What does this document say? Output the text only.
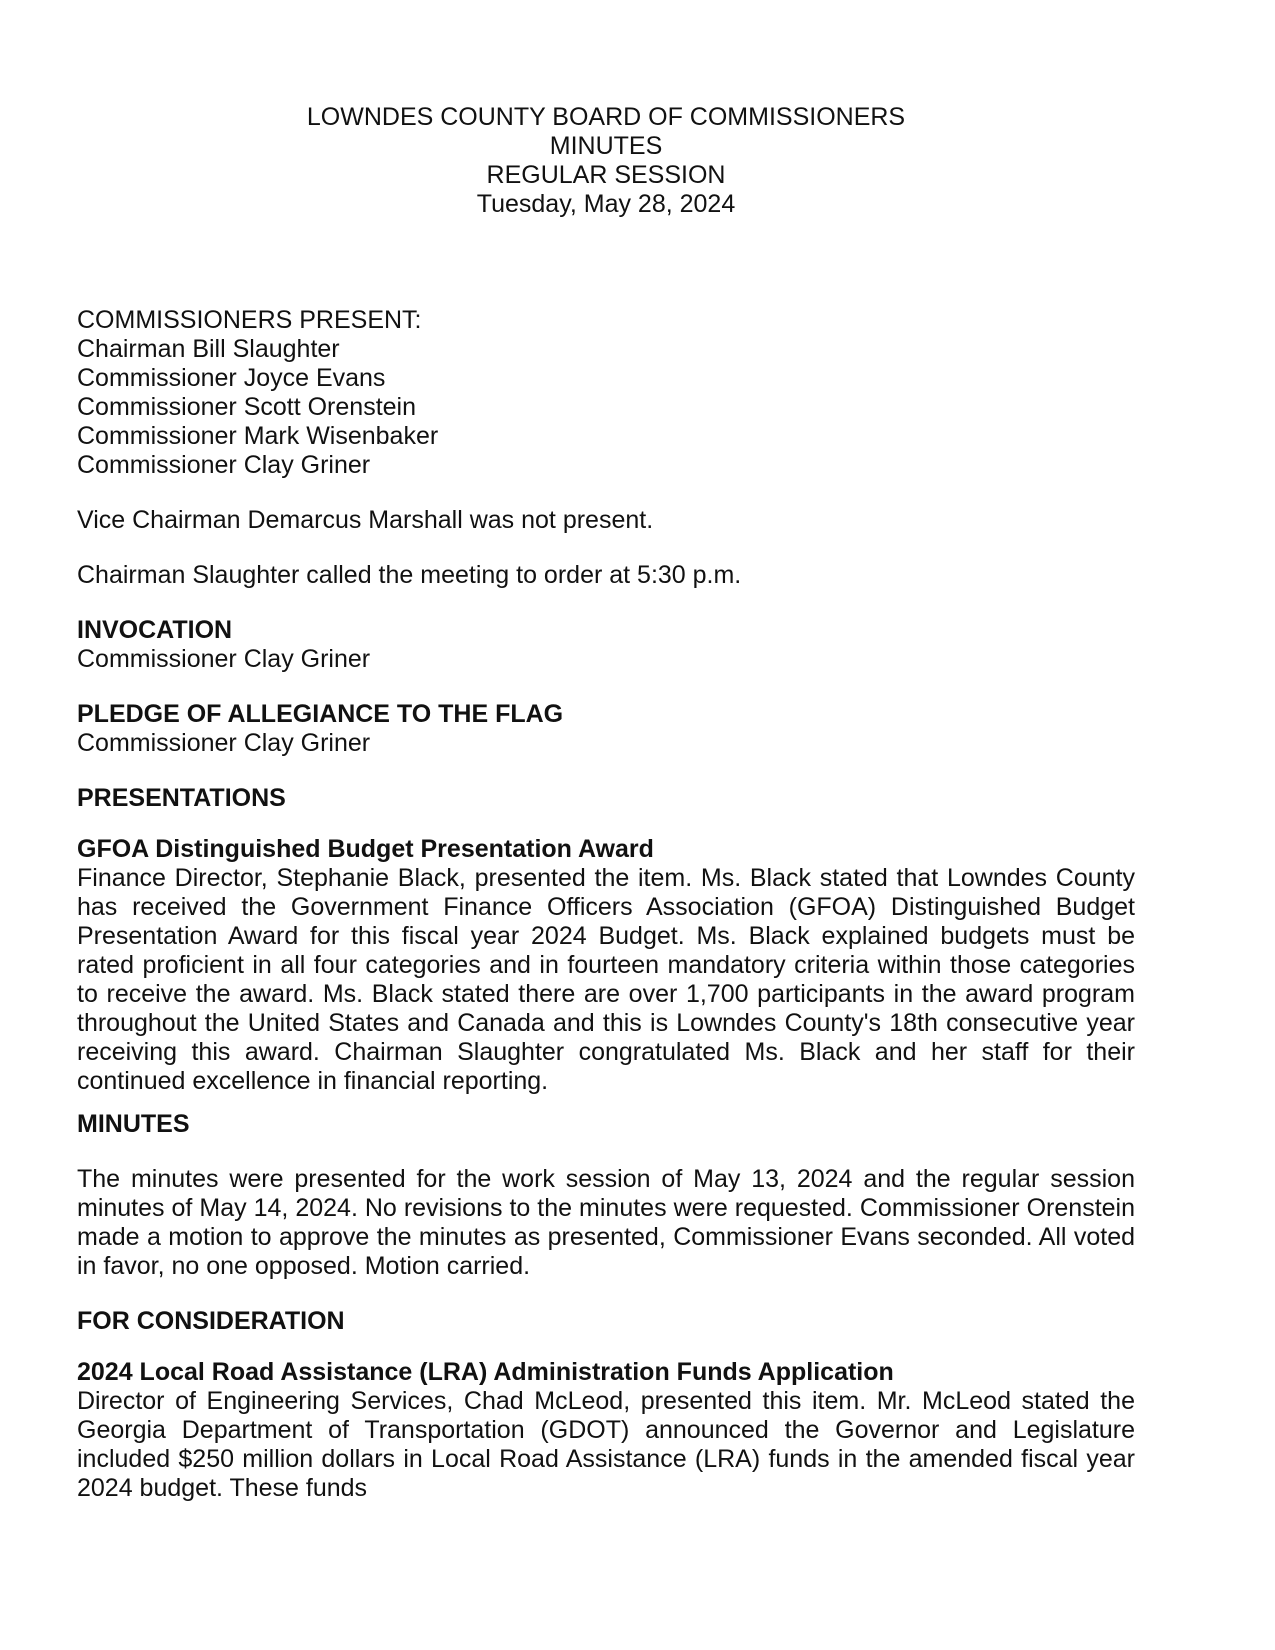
LOWNDES COUNTY BOARD OF COMMISSIONERS

MINUTES

REGULAR SESSION

Tuesday, May 28, 2024

COMMISSIONERS PRESENT:

Chairman Bill Slaughter

Commissioner Joyce Evans

Commissioner Scott Orenstein

Commissioner Mark Wisenbaker

Commissioner Clay Griner

Vice Chairman Demarcus Marshall was not present.

Chairman Slaughter called the meeting to order at 5:30 p.m.

INVOCATION

Commissioner Clay Griner

PLEDGE OF ALLEGIANCE TO THE FLAG

Commissioner Clay Griner

PRESENTATIONS
GFOA Distinguished Budget Presentation Award

Finance Director, Stephanie Black, presented the item. Ms. Black stated that Lowndes County has received the Government Finance Officers Association (GFOA) Distinguished Budget Presentation Award for this fiscal year 2024 Budget. Ms. Black explained budgets must be rated proficient in all four categories and in fourteen mandatory criteria within those categories to receive the award. Ms. Black stated there are over 1,700 participants in the award program throughout the United States and Canada and this is Lowndes County's 18th consecutive year receiving this award. Chairman Slaughter congratulated Ms. Black and her staff for their continued excellence in financial reporting.

MINUTES

The minutes were presented for the work session of May 13, 2024 and the regular session minutes of May 14, 2024. No revisions to the minutes were requested. Commissioner Orenstein made a motion to approve the minutes as presented, Commissioner Evans seconded. All voted in favor, no one opposed. Motion carried.

FOR CONSIDERATION
2024 Local Road Assistance (LRA) Administration Funds Application

Director of Engineering Services, Chad McLeod, presented this item. Mr. McLeod stated the Georgia Department of Transportation (GDOT) announced the Governor and Legislature included $250 million dollars in Local Road Assistance (LRA) funds in the amended fiscal year 2024 budget. These funds
